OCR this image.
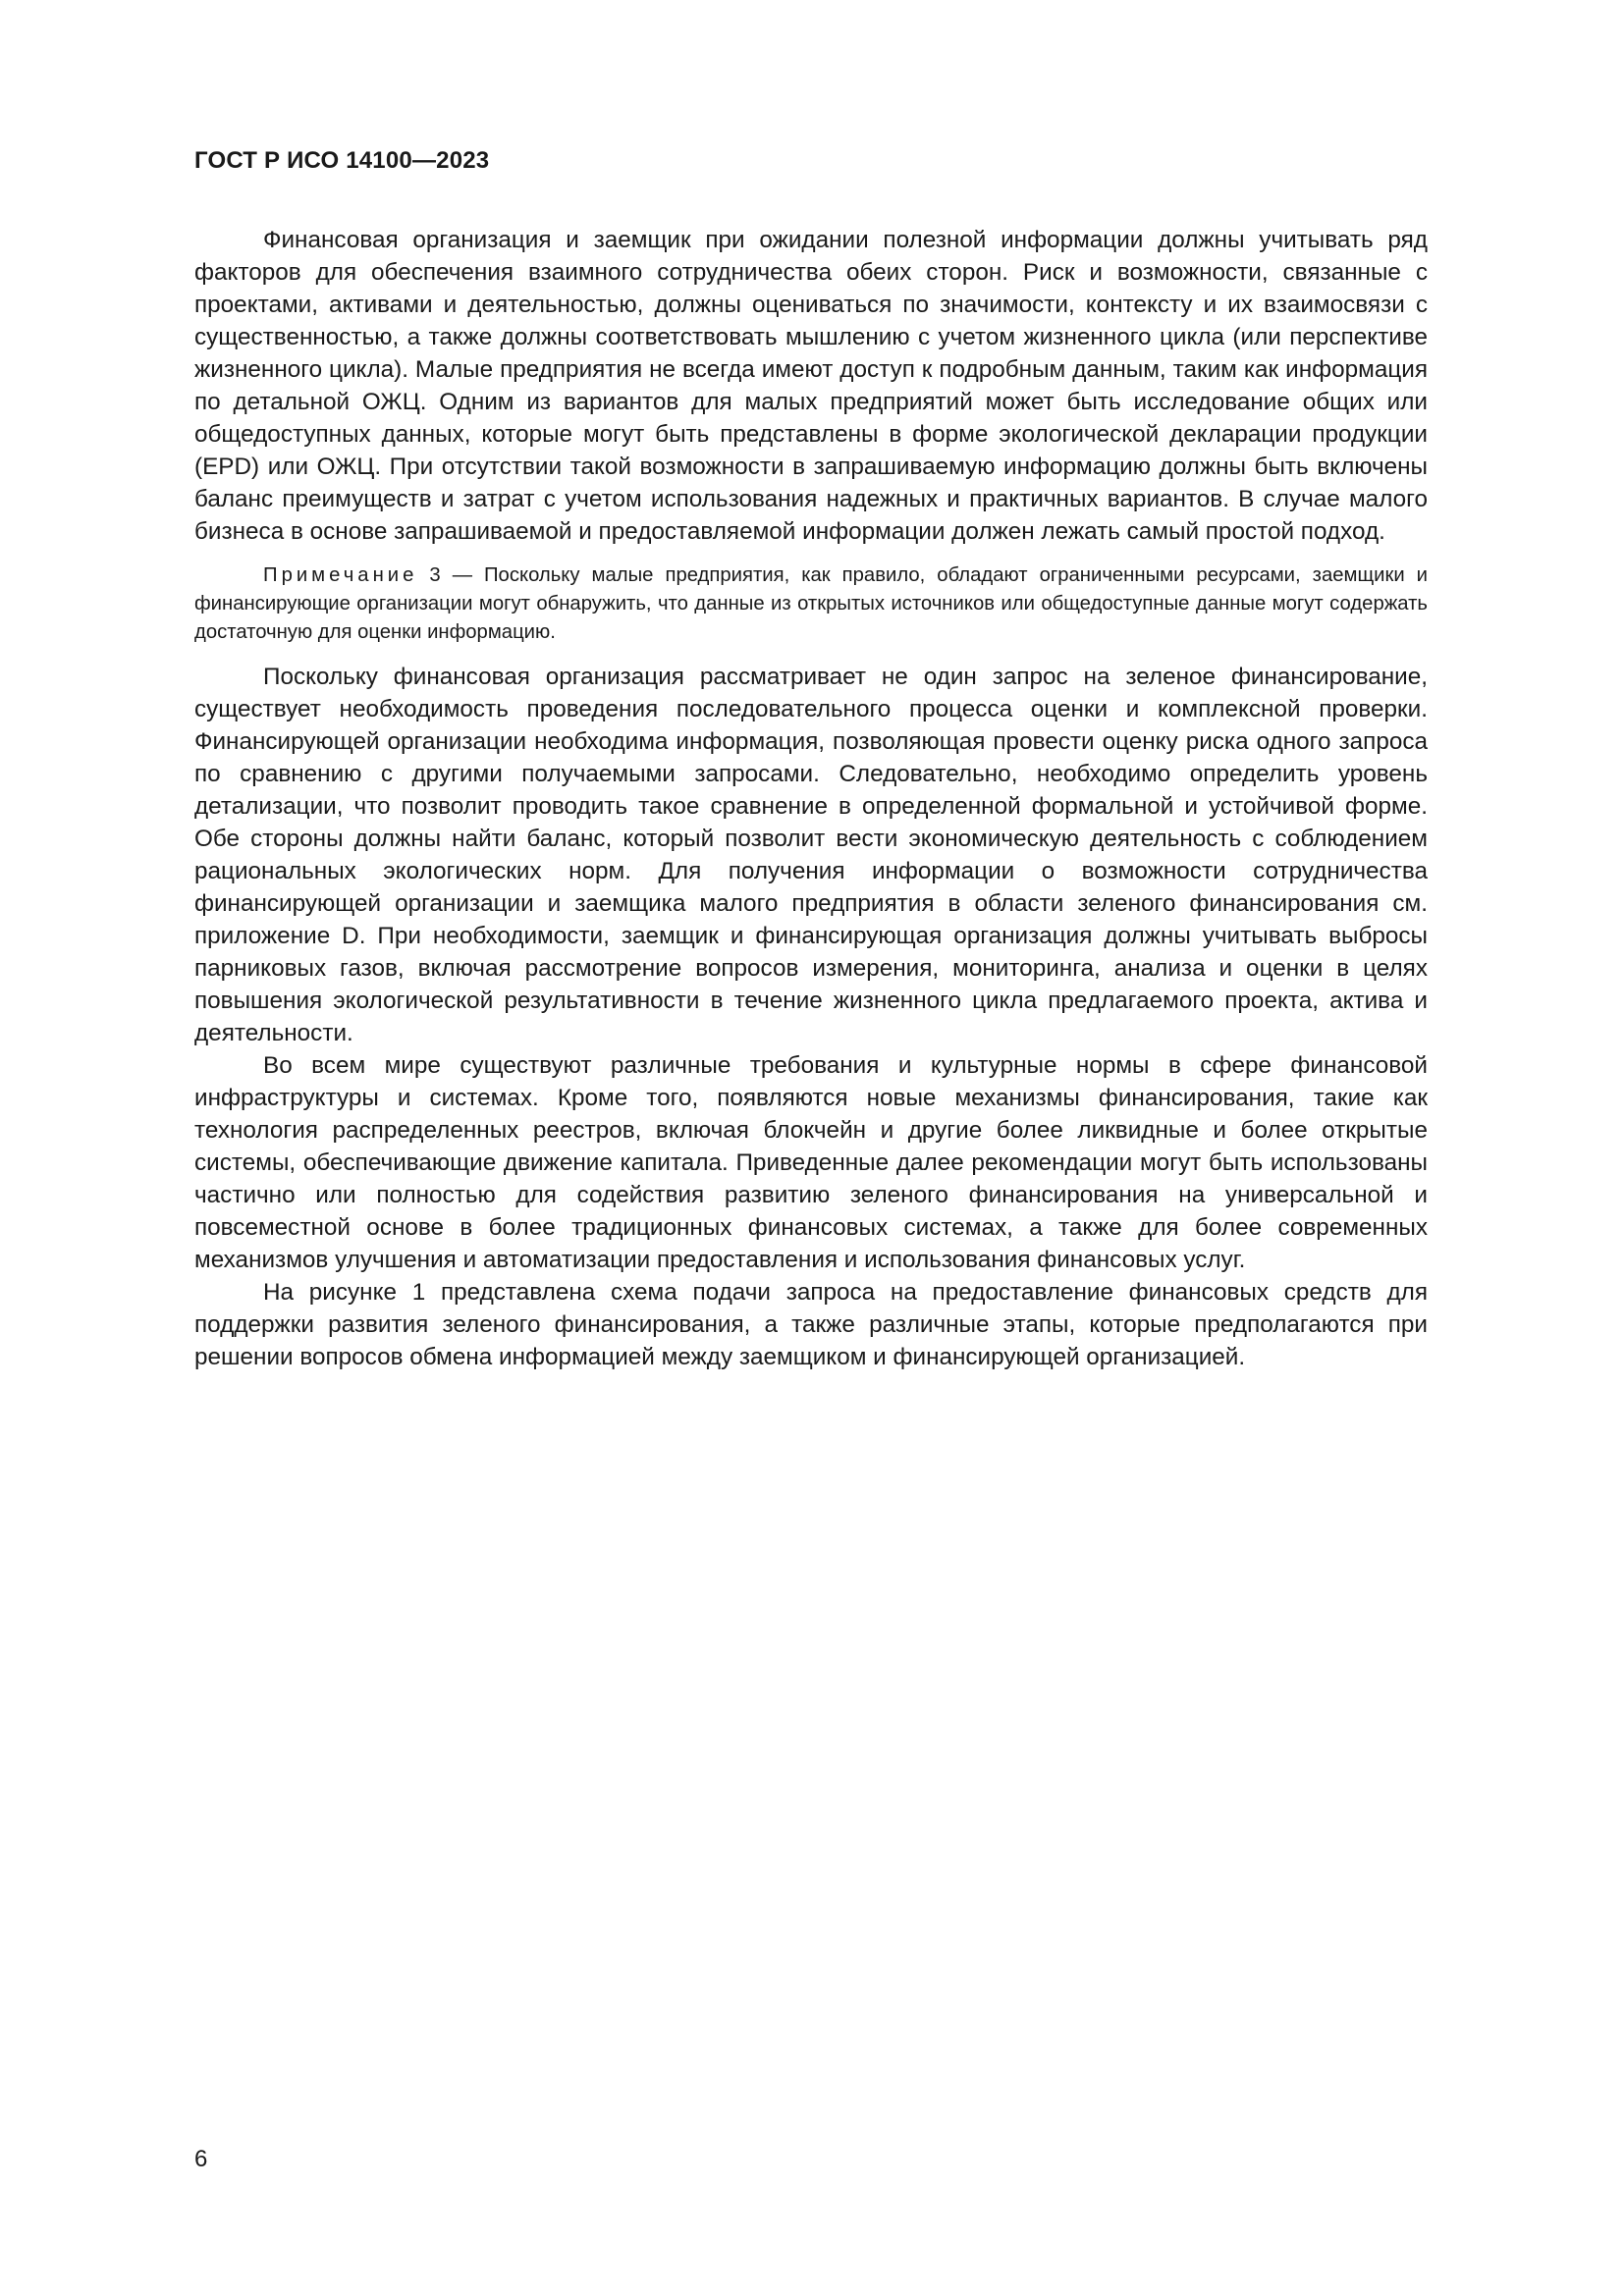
ГОСТ Р ИСО 14100—2023

Финансовая организация и заемщик при ожидании полезной информации должны учитывать ряд факторов для обеспечения взаимного сотрудничества обеих сторон. Риск и возможности, связанные с проектами, активами и деятельностью, должны оцениваться по значимости, контексту и их взаимосвязи с существенностью, а также должны соответствовать мышлению с учетом жизненного цикла (или перспективе жизненного цикла). Малые предприятия не всегда имеют доступ к подробным данным, таким как информация по детальной ОЖЦ. Одним из вариантов для малых предприятий может быть исследование общих или общедоступных данных, которые могут быть представлены в форме экологической декларации продукции (EPD) или ОЖЦ. При отсутствии такой возможности в запрашиваемую информацию должны быть включены баланс преимуществ и затрат с учетом использования надежных и практичных вариантов. В случае малого бизнеса в основе запрашиваемой и предоставляемой информации должен лежать самый простой подход.

Примечание 3 — Поскольку малые предприятия, как правило, обладают ограниченными ресурсами, заемщики и финансирующие организации могут обнаружить, что данные из открытых источников или общедоступные данные могут содержать достаточную для оценки информацию.

Поскольку финансовая организация рассматривает не один запрос на зеленое финансирование, существует необходимость проведения последовательного процесса оценки и комплексной проверки. Финансирующей организации необходима информация, позволяющая провести оценку риска одного запроса по сравнению с другими получаемыми запросами. Следовательно, необходимо определить уровень детализации, что позволит проводить такое сравнение в определенной формальной и устойчивой форме. Обе стороны должны найти баланс, который позволит вести экономическую деятельность с соблюдением рациональных экологических норм. Для получения информации о возможности сотрудничества финансирующей организации и заемщика малого предприятия в области зеленого финансирования см. приложение D. При необходимости, заемщик и финансирующая организация должны учитывать выбросы парниковых газов, включая рассмотрение вопросов измерения, мониторинга, анализа и оценки в целях повышения экологической результативности в течение жизненного цикла предлагаемого проекта, актива и деятельности.

Во всем мире существуют различные требования и культурные нормы в сфере финансовой инфраструктуры и системах. Кроме того, появляются новые механизмы финансирования, такие как технология распределенных реестров, включая блокчейн и другие более ликвидные и более открытые системы, обеспечивающие движение капитала. Приведенные далее рекомендации могут быть использованы частично или полностью для содействия развитию зеленого финансирования на универсальной и повсеместной основе в более традиционных финансовых системах, а также для более современных механизмов улучшения и автоматизации предоставления и использования финансовых услуг.

На рисунке 1 представлена схема подачи запроса на предоставление финансовых средств для поддержки развития зеленого финансирования, а также различные этапы, которые предполагаются при решении вопросов обмена информацией между заемщиком и финансирующей организацией.

6
